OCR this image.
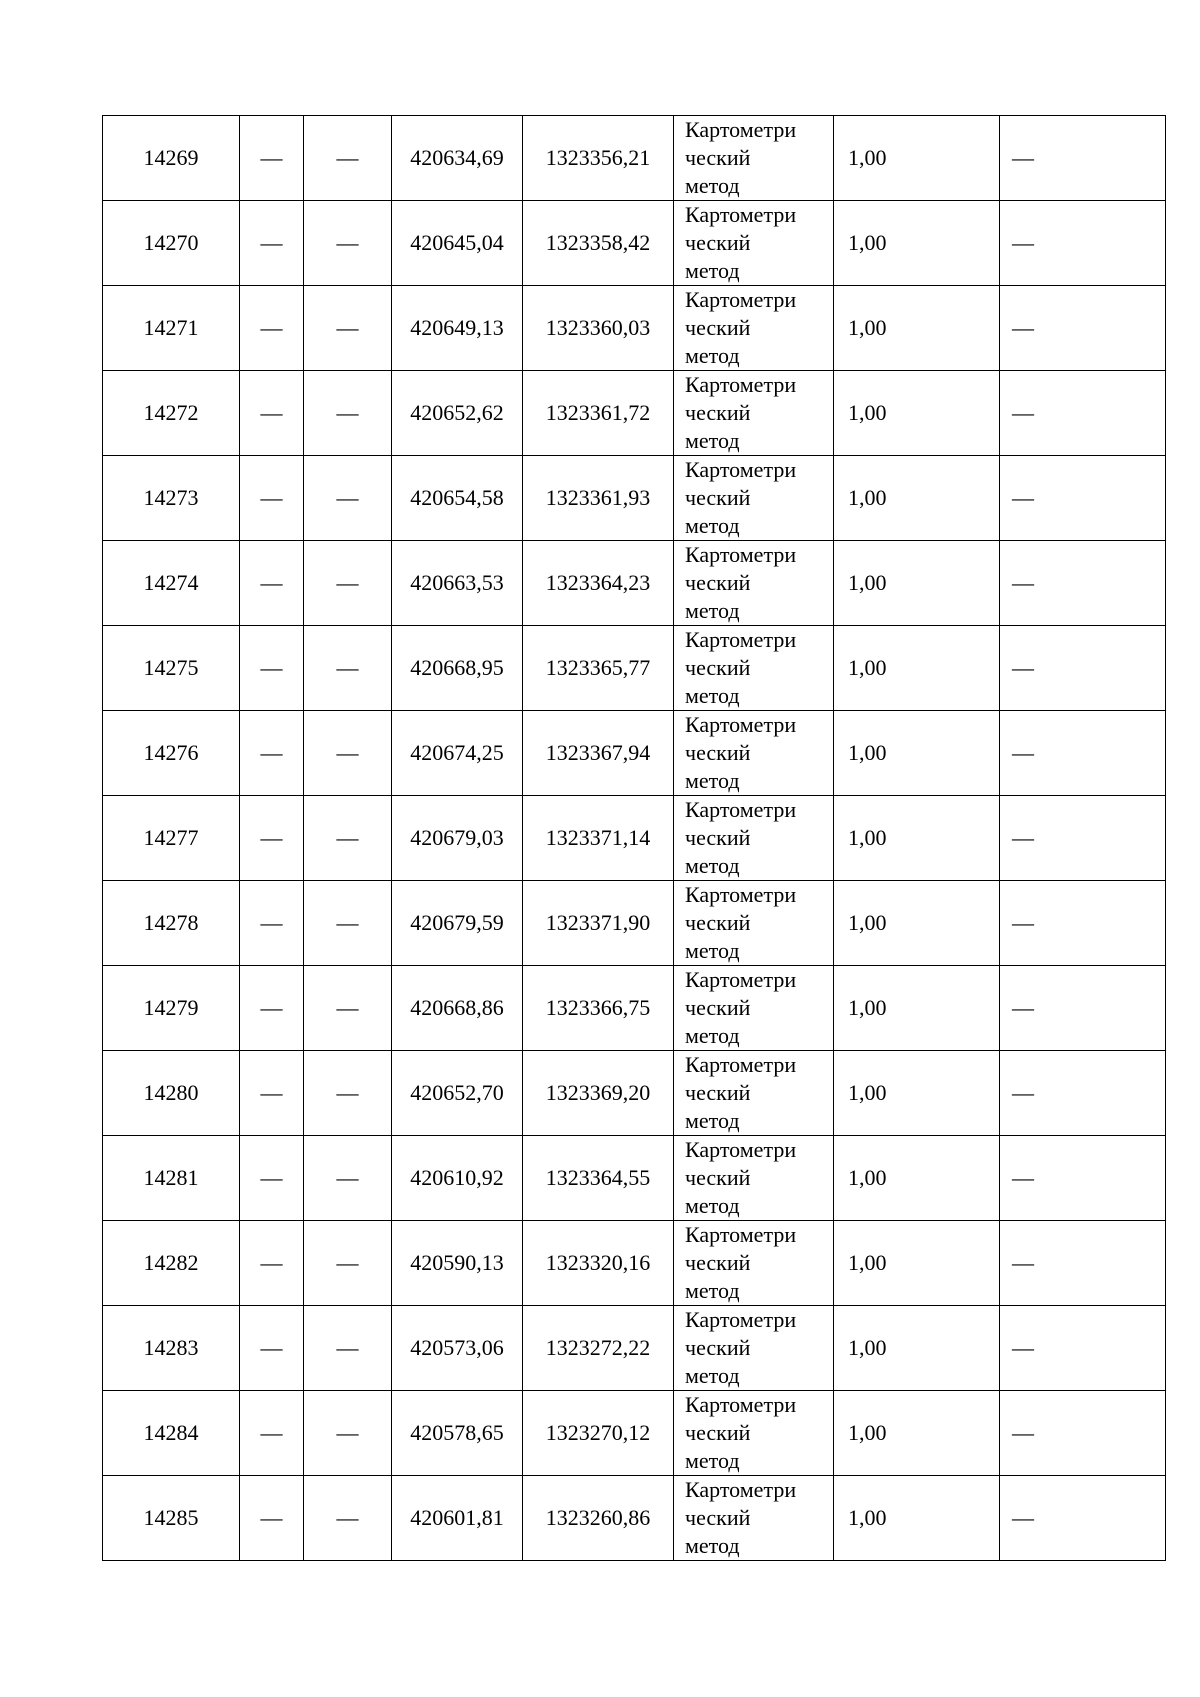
14269	—	—	420634,69	1323356,21	Картометри
ческий
метод	1,00	—
14270	—	—	420645,04	1323358,42	Картометри
ческий
метод	1,00	—
14271	—	—	420649,13	1323360,03	Картометри
ческий
метод	1,00	—
14272	—	—	420652,62	1323361,72	Картометри
ческий
метод	1,00	—
14273	—	—	420654,58	1323361,93	Картометри
ческий
метод	1,00	—
14274	—	—	420663,53	1323364,23	Картометри
ческий
метод	1,00	—
14275	—	—	420668,95	1323365,77	Картометри
ческий
метод	1,00	—
14276	—	—	420674,25	1323367,94	Картометри
ческий
метод	1,00	—
14277	—	—	420679,03	1323371,14	Картометри
ческий
метод	1,00	—
14278	—	—	420679,59	1323371,90	Картометри
ческий
метод	1,00	—
14279	—	—	420668,86	1323366,75	Картометри
ческий
метод	1,00	—
14280	—	—	420652,70	1323369,20	Картометри
ческий
метод	1,00	—
14281	—	—	420610,92	1323364,55	Картометри
ческий
метод	1,00	—
14282	—	—	420590,13	1323320,16	Картометри
ческий
метод	1,00	—
14283	—	—	420573,06	1323272,22	Картометри
ческий
метод	1,00	—
14284	—	—	420578,65	1323270,12	Картометри
ческий
метод	1,00	—
14285	—	—	420601,81	1323260,86	Картометри
ческий
метод	1,00	—
